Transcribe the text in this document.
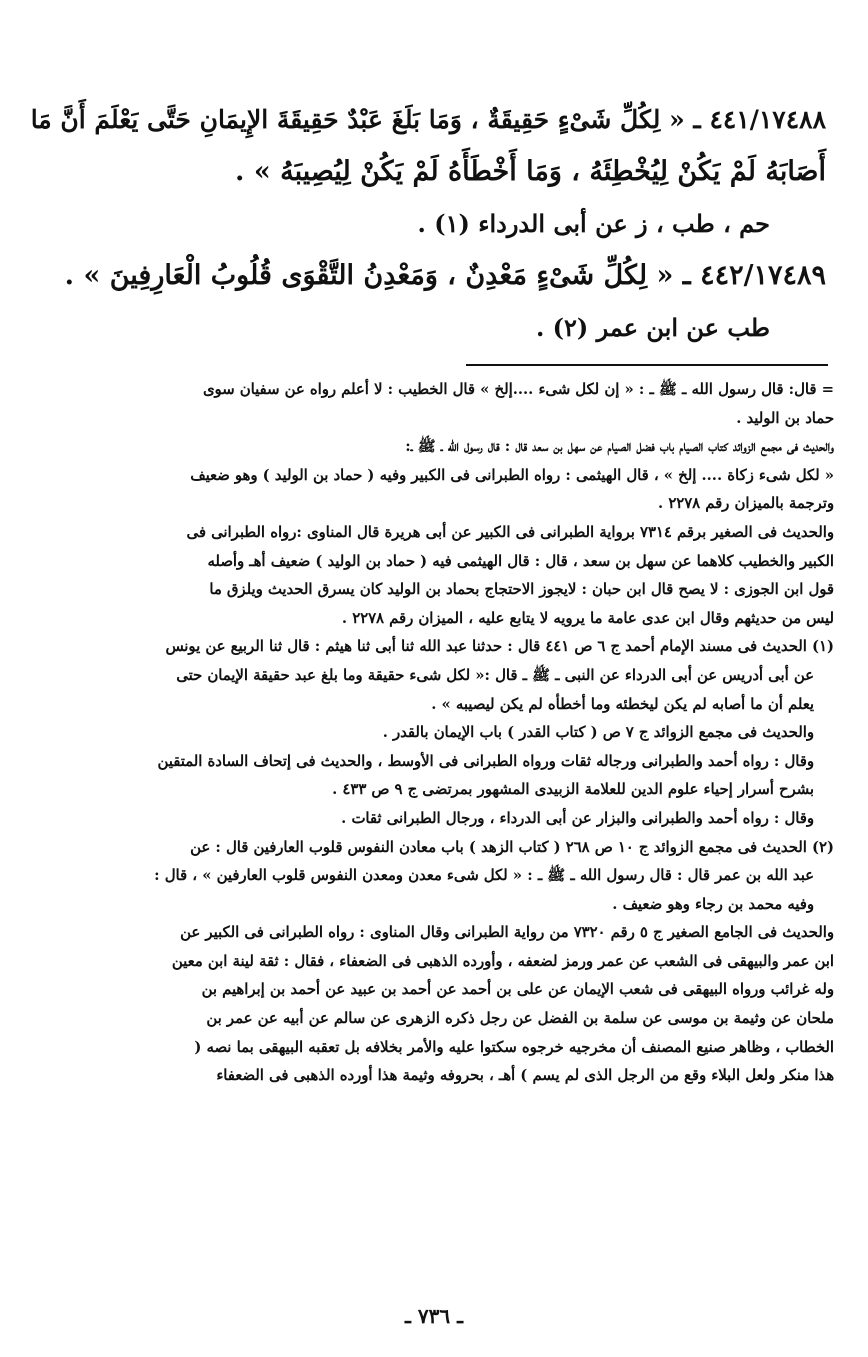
٤٤١/١٧٤٨٨ ـ « لِكُلِّ شَىْءٍ حَقِيقَةٌ ، وَمَا بَلَغَ عَبْدٌ حَقِيقَةَ الإِيمَانِ حَتَّى يَعْلَمَ أَنَّ مَا
أَصَابَهُ لَمْ يَكُنْ لِيُخْطِئَهُ ، وَمَا أَخْطَأَهُ لَمْ يَكُنْ لِيُصِيبَهُ » .
حم ، طب ، ز عن أبى الدرداء (١) .
٤٤٢/١٧٤٨٩ ـ « لِكُلِّ شَىْءٍ مَعْدِنٌ ، وَمَعْدِنُ التَّقْوَى قُلُوبُ الْعَارِفِينَ » .
طب عن ابن عمر (٢) .
= قال: قال رسول الله ـ ﷺ ـ : « إن لكل شىء ....إلخ » قال الخطيب : لا أعلم رواه عن سفيان سوى
حماد بن الوليد .
والحديث فى مجمع الزوائد كتاب الصيام باب فضل الصيام عن سهل بن سعد قال : قال رسول الله ـ ﷺ ـ:
« لكل شىء زكاة .... إلخ » ، قال الهيثمى : رواه الطبرانى فى الكبير وفيه ( حماد بن الوليد ) وهو ضعيف
وترجمة بالميزان رقم ٢٢٧٨ .
والحديث فى الصغير برقم ٧٣١٤ برواية الطبرانى فى الكبير عن أبى هريرة قال المناوى :رواه الطبرانى فى
الكبير والخطيب كلاهما عن سهل بن سعد ، قال : قال الهيثمى فيه ( حماد بن الوليد ) ضعيف أهـ وأصله
قول ابن الجوزى : لا يصح قال ابن حبان : لايجوز الاحتجاج بحماد بن الوليد كان يسرق الحديث ويلزق ما
ليس من حديثهم وقال ابن عدى عامة ما يرويه لا يتابع عليه ، الميزان رقم ٢٢٧٨ .
(١) الحديث فى مسند الإمام أحمد ج ٦ ص ٤٤١ قال : حدثنا عبد الله ثنا أبى ثنا هيثم : قال ثنا الربيع عن يونس
عن أبى أدريس عن أبى الدرداء عن النبى ـ ﷺ ـ قال :« لكل شىء حقيقة وما بلغ عبد حقيقة الإيمان حتى
يعلم أن ما أصابه لم يكن ليخطئه وما أخطأه لم يكن ليصيبه » .
والحديث فى مجمع الزوائد ج ٧ ص ( كتاب القدر ) باب الإيمان بالقدر .
وقال : رواه أحمد والطبرانى ورجاله ثقات ورواه الطبرانى فى الأوسط ، والحديث فى إتحاف السادة المتقين
بشرح أسرار إحياء علوم الدين للعلامة الزبيدى المشهور بمرتضى ج ٩ ص ٤٣٣ .
وقال : رواه أحمد والطبرانى والبزار عن أبى الدرداء ، ورجال الطبرانى ثقات .
(٢) الحديث فى مجمع الزوائد ج ١٠ ص ٢٦٨ ( كتاب الزهد ) باب معادن النفوس قلوب العارفين قال : عن
عبد الله بن عمر قال : قال رسول الله ـ ﷺ ـ : « لكل شىء معدن ومعدن النفوس قلوب العارفين » ، قال :
وفيه محمد بن رجاء وهو ضعيف .
والحديث فى الجامع الصغير ج ٥ رقم ٧٣٢٠ من رواية الطبرانى وقال المناوى : رواه الطبرانى فى الكبير عن
ابن عمر والبيهقى فى الشعب عن عمر ورمز لضعفه ، وأورده الذهبى فى الضعفاء ، فقال : ثقة لينة ابن معين
وله غرائب ورواه البيهقى فى شعب الإيمان عن على بن أحمد عن أحمد بن عبيد عن أحمد بن إبراهيم بن
ملحان عن وثيمة بن موسى عن سلمة بن الفضل عن رجل ذكره الزهرى عن سالم عن أبيه عن عمر بن
الخطاب ، وظاهر صنيع المصنف أن مخرجيه خرجوه سكتوا عليه والأمر بخلافه بل تعقبه البيهقى بما نصه (
هذا منكر ولعل البلاء وقع من الرجل الذى لم يسم ) أهـ ، بحروفه وثيمة هذا أورده الذهبى فى الضعفاء
ـ ٧٣٦ ـ
